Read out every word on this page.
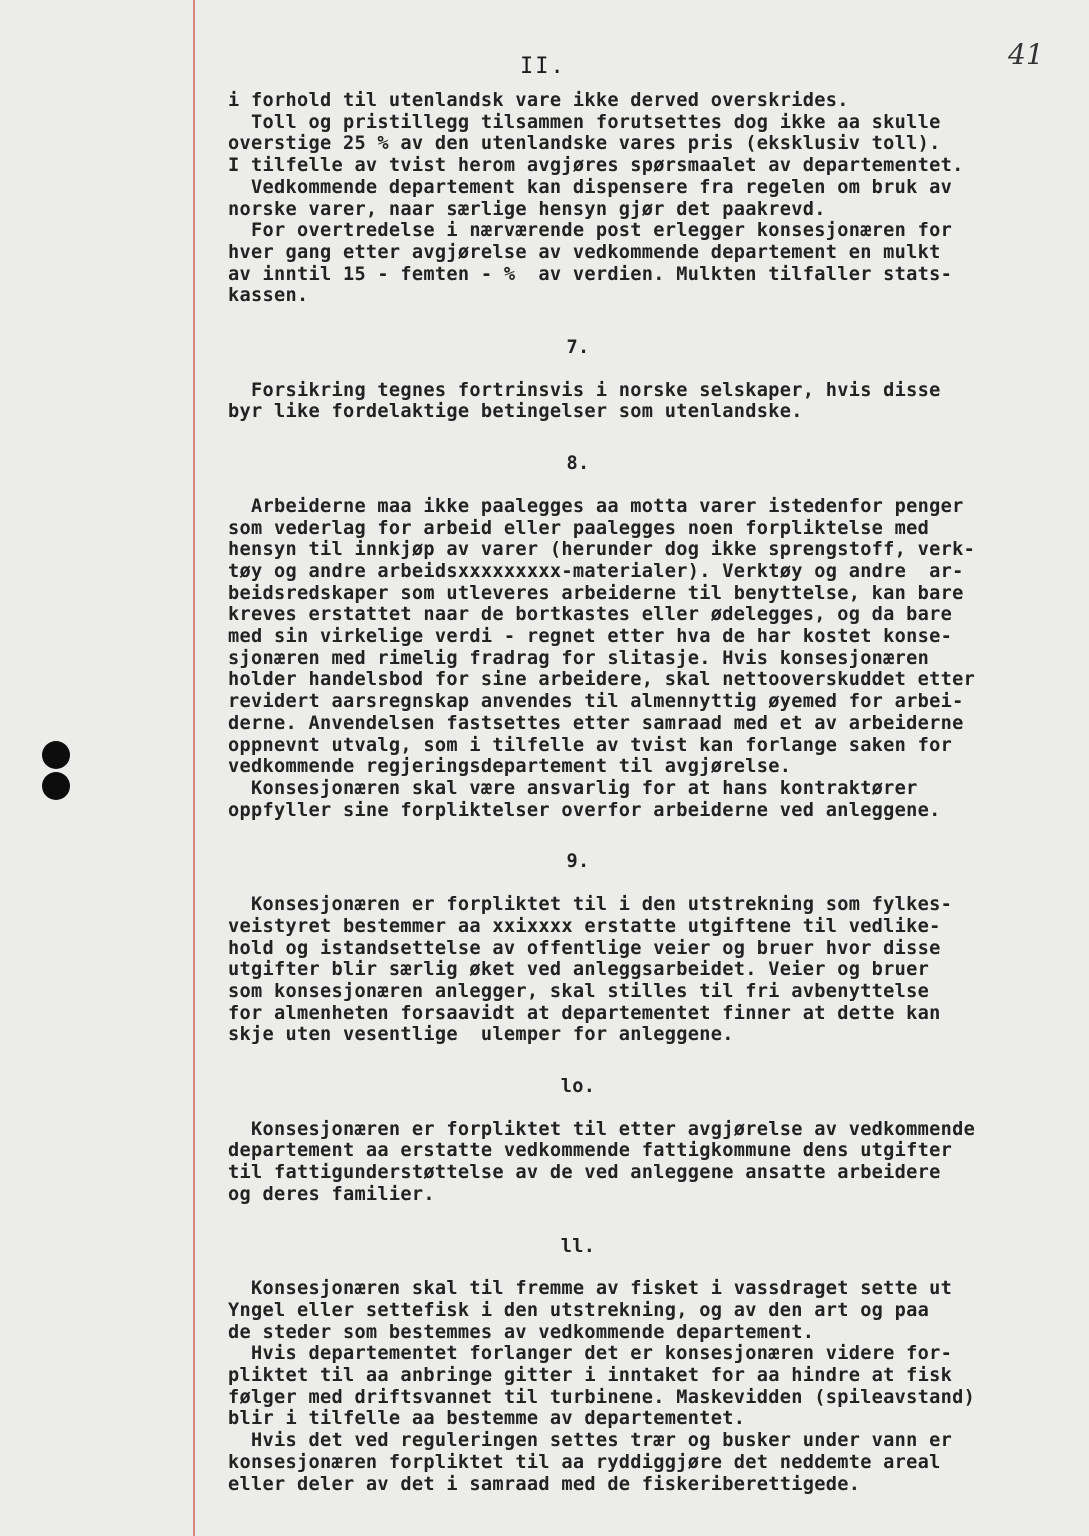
II.	41
i forhold til utenlandsk vare ikke derved overskrides.
Toll og pristillegg tilsammen forutsettes dog ikke aa skulle
overstige 25 % av den utenlandske vares pris (eksklusiv toll).
I tilfelle av tvist herom avgjøres spørsmaalet av departementet.
Vedkommende departement kan dispensere fra regelen om bruk av
norske varer, naar særlige hensyn gjør det paakrevd.
For overtredelse i nærværende post erlegger konsesjonæren for
hver gang etter avgjørelse av vedkommende departement en mulkt
av inntil 15 - femten - %  av verdien. Mulkten tilfaller stats-
kassen.
7.
Forsikring tegnes fortrinsvis i norske selskaper, hvis disse
byr like fordelaktige betingelser som utenlandske.
8.
Arbeiderne maa ikke paalegges aa motta varer istedenfor penger
som vederlag for arbeid eller paalegges noen forpliktelse med
hensyn til innkjøp av varer (herunder dog ikke sprengstoff, verk-
tøy og andre arbeidsxxxxxxxxx-materialer). Verktøy og andre  ar-
beidsredskaper som utleveres arbeiderne til benyttelse, kan bare
kreves erstattet naar de bortkastes eller ødelegges, og da bare
med sin virkelige verdi - regnet etter hva de har kostet konse-
sjonæren med rimelig fradrag for slitasje. Hvis konsesjonæren
holder handelsbod for sine arbeidere, skal nettooverskuddet etter
revidert aarsregnskap anvendes til almennyttig øyemed for arbei-
derne. Anvendelsen fastsettes etter samraad med et av arbeiderne
oppnevnt utvalg, som i tilfelle av tvist kan forlange saken for
vedkommende regjeringsdepartement til avgjørelse.
Konsesjonæren skal være ansvarlig for at hans kontraktører
oppfyller sine forpliktelser overfor arbeiderne ved anleggene.
9.
Konsesjonæren er forpliktet til i den utstrekning som fylkes-
veistyret bestemmer aa xxixxxx erstatte utgiftene til vedlike-
hold og istandsettelse av offentlige veier og bruer hvor disse
utgifter blir særlig øket ved anleggsarbeidet. Veier og bruer
som konsesjonæren anlegger, skal stilles til fri avbenyttelse
for almenheten forsaavidt at departementet finner at dette kan
skje uten vesentlige  ulemper for anleggene.
lo.
Konsesjonæren er forpliktet til etter avgjørelse av vedkommende
departement aa erstatte vedkommende fattigkommune dens utgifter
til fattigunderstøttelse av de ved anleggene ansatte arbeidere
og deres familier.
ll.
Konsesjonæren skal til fremme av fisket i vassdraget sette ut
Yngel eller settefisk i den utstrekning, og av den art og paa
de steder som bestemmes av vedkommende departement.
Hvis departementet forlanger det er konsesjonæren videre for-
pliktet til aa anbringe gitter i inntaket for aa hindre at fisk
følger med driftsvannet til turbinene. Maskevidden (spileavstand)
blir i tilfelle aa bestemme av departementet.
Hvis det ved reguleringen settes trær og busker under vann er
konsesjonæren forpliktet til aa ryddiggjøre det neddemte areal
eller deler av det i samraad med de fiskeriberettigede.
